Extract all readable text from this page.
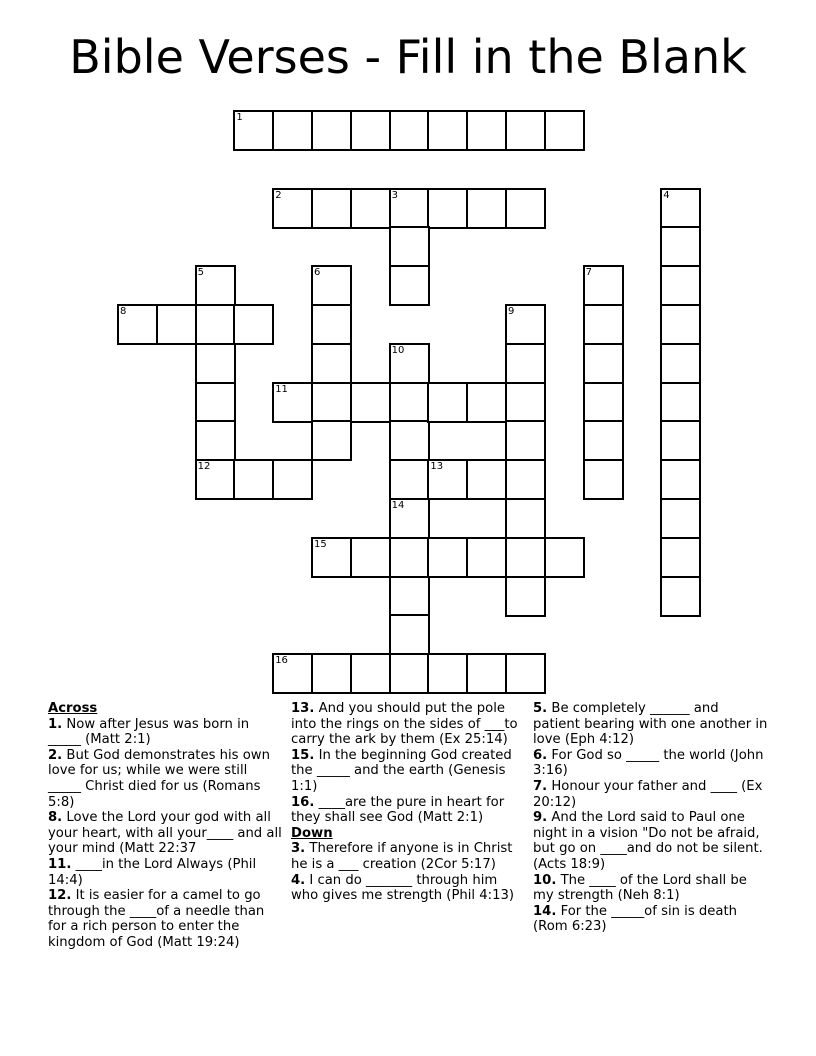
Bible Verses - Fill in the Blank
1
2	3	4
5
12
6	7
8	9
10
11
13
14
15
16
Across
1. Now after Jesus was born in _____ (Matt 2:1)
2. But God demonstrates his own love for us; while we were still _____ Christ died for us (Romans 5:8)
8. Love the Lord your god with all your heart, with all your____ and all your mind (Matt 22:37
11. ____in the Lord Always (Phil 14:4)
12. It is easier for a camel to go through the ____of a needle than for a rich person to enter the kingdom of God (Matt 19:24)
13. And you should put the pole into the rings on the sides of ___to carry the ark by them (Ex 25:14)
15. In the beginning God created the _____ and the earth (Genesis 1:1)
16. ____are the pure in heart for they shall see God (Matt 2:1)
Down
3. Therefore if anyone is in Christ he is a ___ creation (2Cor 5:17)
4. I can do _______ through him who gives me strength (Phil 4:13)
5. Be completely ______ and patient bearing with one another in love (Eph 4:12)
6. For God so _____ the world (John 3:16)
7. Honour your father and ____ (Ex 20:12)
9. And the Lord said to Paul one night in a vision "Do not be afraid, but go on ____and do not be silent. (Acts 18:9)
10. The ____ of the Lord shall be my strength (Neh 8:1)
14. For the _____of sin is death (Rom 6:23)
